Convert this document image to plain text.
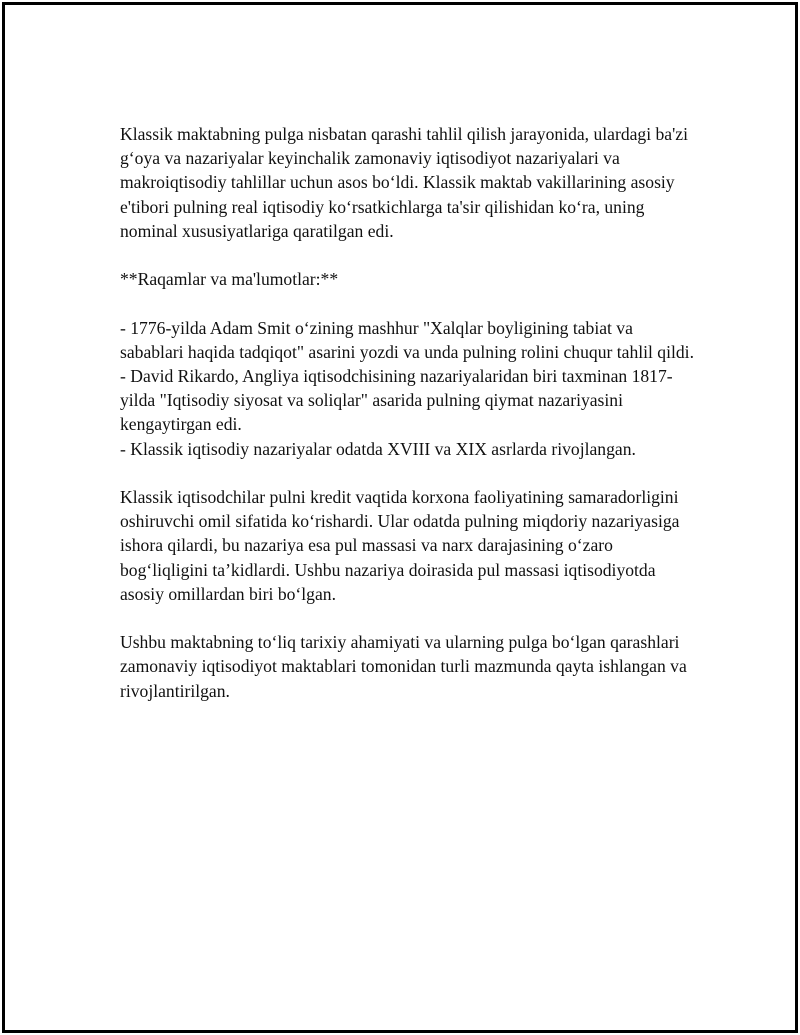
Klassik maktabning pulga nisbatan qarashi tahlil qilish jarayonida, ulardagi ba'zi g‘oya va nazariyalar keyinchalik zamonaviy iqtisodiyot nazariyalari va makroiqtisodiy tahlillar uchun asos bo‘ldi. Klassik maktab vakillarining asosiy e'tibori pulning real iqtisodiy ko‘rsatkichlarga ta'sir qilishidan ko‘ra, uning nominal xususiyatlariga qaratilgan edi.

**Raqamlar va ma'lumotlar:**

- 1776-yilda Adam Smit o‘zining mashhur "Xalqlar boyligining tabiat va sabablari haqida tadqiqot" asarini yozdi va unda pulning rolini chuqur tahlil qildi.

- David Rikardo, Angliya iqtisodchisining nazariyalaridan biri taxminan 1817-yilda "Iqtisodiy siyosat va soliqlar" asarida pulning qiymat nazariyasini kengaytirgan edi.

- Klassik iqtisodiy nazariyalar odatda XVIII va XIX asrlarda rivojlangan.

Klassik iqtisodchilar pulni kredit vaqtida korxona faoliyatining samaradorligini oshiruvchi omil sifatida ko‘rishardi. Ular odatda pulning miqdoriy nazariyasiga ishora qilardi, bu nazariya esa pul massasi va narx darajasining o‘zaro bog‘liqligini ta’kidlardi. Ushbu nazariya doirasida pul massasi iqtisodiyotda asosiy omillardan biri bo‘lgan.

Ushbu maktabning to‘liq tarixiy ahamiyati va ularning pulga bo‘lgan qarashlari zamonaviy iqtisodiyot maktablari tomonidan turli mazmunda qayta ishlangan va rivojlantirilgan.
